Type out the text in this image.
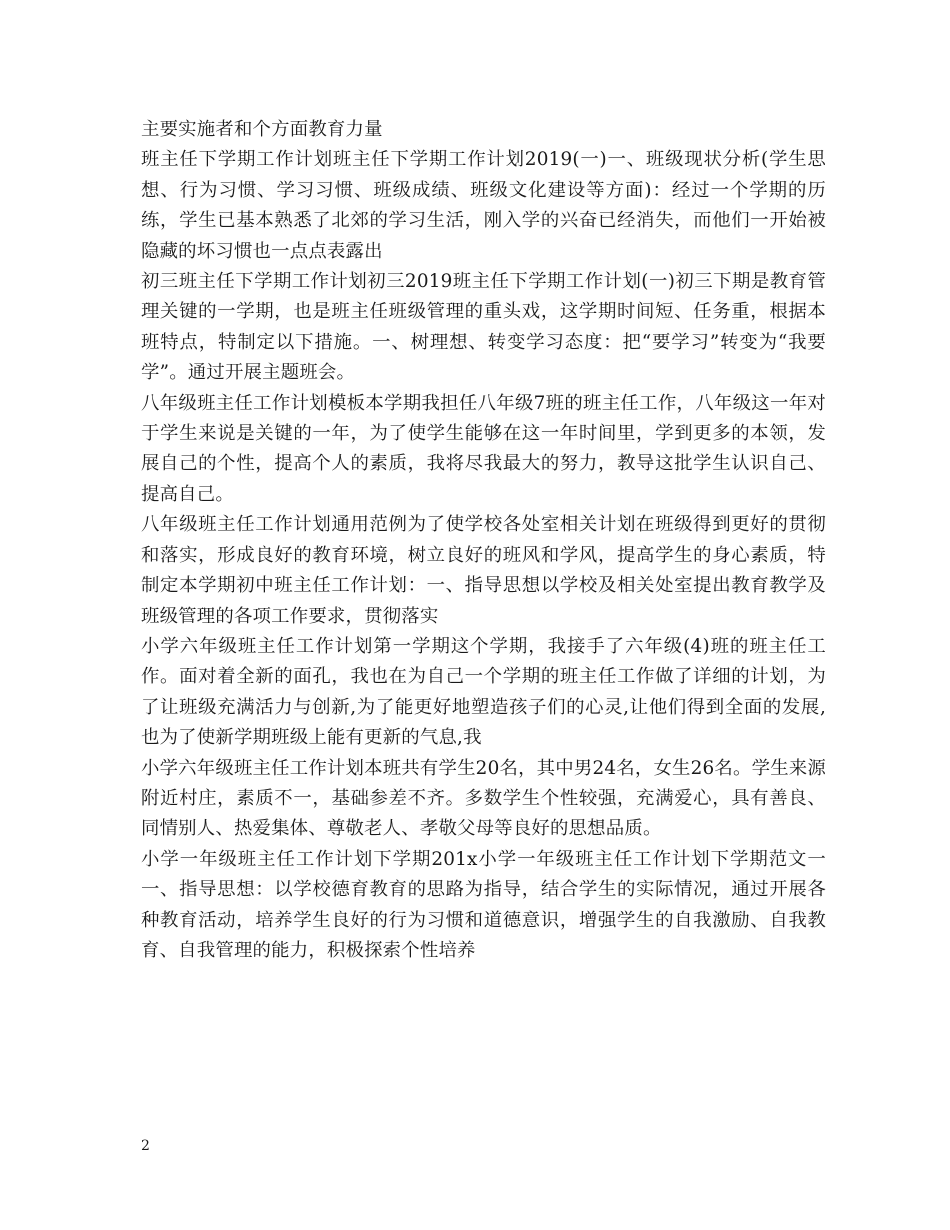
主要实施者和个方面教育力量

班主任下学期工作计划班主任下学期工作计划2019(一)一、班级现状分析(学生思想、行为习惯、学习习惯、班级成绩、班级文化建设等方面)：经过一个学期的历练，学生已基本熟悉了北郊的学习生活，刚入学的兴奋已经消失，而他们一开始被隐藏的坏习惯也一点点表露出

初三班主任下学期工作计划初三2019班主任下学期工作计划(一)初三下期是教育管理关键的一学期，也是班主任班级管理的重头戏，这学期时间短、任务重，根据本班特点，特制定以下措施。一、树理想、转变学习态度：把“要学习”转变为“我要学”。通过开展主题班会。

八年级班主任工作计划模板本学期我担任八年级7班的班主任工作，八年级这一年对于学生来说是关键的一年，为了使学生能够在这一年时间里，学到更多的本领，发展自己的个性，提高个人的素质，我将尽我最大的努力，教导这批学生认识自己、提高自己。

八年级班主任工作计划通用范例为了使学校各处室相关计划在班级得到更好的贯彻和落实，形成良好的教育环境，树立良好的班风和学风，提高学生的身心素质，特制定本学期初中班主任工作计划：一、指导思想以学校及相关处室提出教育教学及班级管理的各项工作要求，贯彻落实

小学六年级班主任工作计划第一学期这个学期，我接手了六年级(4)班的班主任工作。面对着全新的面孔，我也在为自己一个学期的班主任工作做了详细的计划，为了让班级充满活力与创新,为了能更好地塑造孩子们的心灵,让他们得到全面的发展,也为了使新学期班级上能有更新的气息,我

小学六年级班主任工作计划本班共有学生20名，其中男24名，女生26名。学生来源附近村庄，素质不一，基础参差不齐。多数学生个性较强，充满爱心，具有善良、同情别人、热爱集体、尊敬老人、孝敬父母等良好的思想品质。

小学一年级班主任工作计划下学期201x小学一年级班主任工作计划下学期范文一一、指导思想：以学校德育教育的思路为指导，结合学生的实际情况，通过开展各种教育活动，培养学生良好的行为习惯和道德意识，增强学生的自我激励、自我教育、自我管理的能力，积极探索个性培养

2
